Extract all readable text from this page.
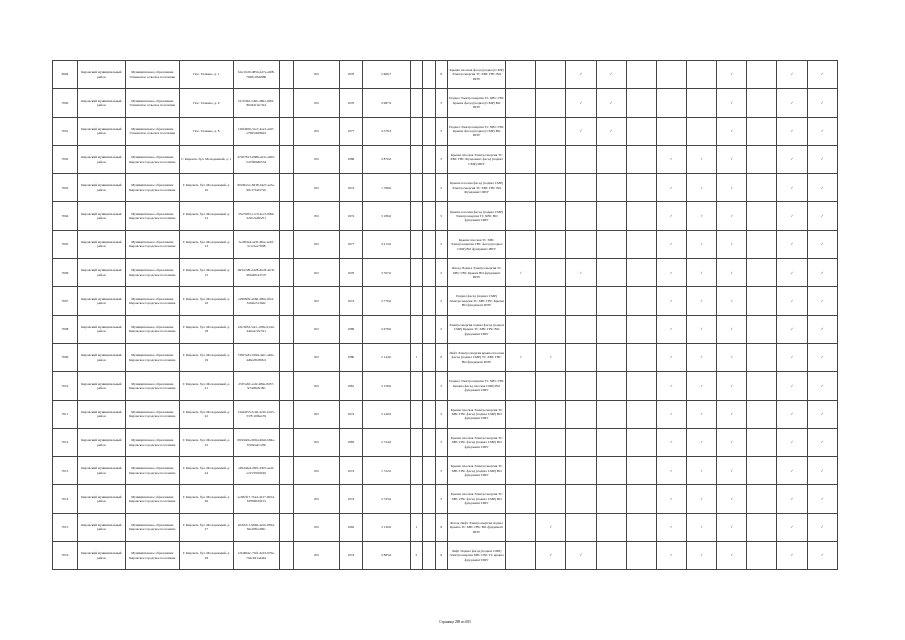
6994	Кировский муниципальный район	Муниципальное образование Глажевское сельское поселение	Пос. Глажево, д. 1	f2ec1029-d85b-427e-a9f8-7928c18e0980		РО	1976	2 666,7			6	Крыша плоская фасад (подвал) СМР) Электроэнергия ТС ХВС ГВС ВО ИПУ			✓	✓				✓		✓	✓
7000	Кировский муниципальный район	Муниципальное образование Глажевское сельское поселение	Пос. Глажево, д. 9	fd1f3f42-5d2b-460a-9f63-8043d1f2c324		РО	1976	2 987,9			5	Подвал Электроэнергия ТС ХВС ГВС Крыша фасад (подвал) СМР) ВО ИПУ			✓	✓				✓		✓	✓
7001	Кировский муниципальный район	Муниципальное образование Глажевское сельское поселение	Пос. Глажево, д. 8	1d0fd650-3ce7-4ee3-ae97-e7665d2f86d3		РО	1977	4 578,3			5	Подвал Электроэнергия ТС ХВС ГВС Крыша фасад (подвал) СМР) ВО ИПУ			✓	✓				✓		✓	✓
7002	Кировский муниципальный район	Муниципальное образование Кировское городское поселение	Г. Кировск, бул. Молодежный, д. 1	d7207813-0b86-4e3c-a9b5-bd7f60940534		РО	1986	2 870,0			5	Крыша плоская Электроэнергия ТС ХВС ГВС Фундамент фасад (подвал СМР) ИПУ						✓	✓	✓		✓	✓
7003	Кировский муниципальный район	Муниципальное образование Кировское городское поселение	Г. Кировск, бул. Молодежный, д. 10	9026b2ce-8238-4427-ae5e-96c17f4d17eb		РО	1974	1 768,0			5	Крыша плоская фасад (подвал СМР) Электроэнергия ТС ХВС ГВС ВО Фундамент ИПУ						✓	✓	✓		✓	✓
7004	Кировский муниципальный район	Муниципальное образование Кировское городское поселение	Г. Кировск, бул. Молодежный, д. 12	53e7b0f3-1cc0-4ec3-9f66-220c2e4f0251		РО	1974	3 186,0			5	Крыша плоская фасад (подвал СМР) Электроэнергия ТС ХВС ВО фундамент ИПУ						✓	✓	✓		✓	✓
7005	Кировский муниципальный район	Муниципальное образование Кировское городское поселение	Г. Кировск, бул. Молодежный, д. 13	5ec8f4e4-a23f-48ce-ae9f-3c1c2ea7f0f8		РО	1977	4 213,0			5	Крыша плоская ТС ХВС Электроэнергия ГВС фасад (подвал СМР) ВО фундамент ИПУ						✓	✓	✓		✓	✓
7006	Кировский муниципальный район	Муниципальное образование Кировское городское поселение	Г. Кировск, бул. Молодежный, д. 15	993ce58f-dd28-4bc8-a0c8-d6f4491437d7		РО	1976	3 707,0			5	Фасад Подвал Электроэнергия ТС ХВС ГВС Крыша ВО фундамент ИПУ	✓		✓			✓	✓	✓		✓	✓
7007	Кировский муниципальный район	Муниципальное образование Кировское городское поселение	Г. Кировск, бул. Молодежный, д. 16	e2906f3f-e060-480a-9fcd-329afe5139dc		РО	1974	3 770,0			5	Подвал фасад (подвал СМР) Электроэнергия ТС ХВС ГВС Крыша ВО фундамент ИПУ						✓	✓	✓		✓	✓
7008	Кировский муниципальный район	Муниципальное образование Кировское городское поселение	Г. Кировск, бул. Молодежный, д. 18	e5fc6f3d-54c1-458e-91dd-4a0e4c33c521		РО	1989	2 678,0			5	Электроэнергия подвал фасад (подвал СМР) Крыша ТС ХВС ГВС ВО фундамент ИПУ						✓	✓	✓		✓	✓
7009	Кировский муниципальный район	Муниципальное образование Кировское городское поселение	Г. Кировск, бул. Молодежный, д. 19	73827e81-0b9d-4efc-a491-4d0e23b958c2		РО	1980	2 144,0	1		9	Лифт Электроэнергия крыша плоская фасад (подвал СМР) ТС ХВС ГВС ВО фундамент ИПУ	✓	✓				✓	✓	✓		✓	✓
7010	Кировский муниципальный район	Муниципальное образование Кировское городское поселение	Г. Кировск, бул. Молодежный, д. 21	23f7a2bf-aaf2-486e-8d57-3c5a8fe6cd9c		РО	1981	3 158,0			5	Подвал Электроэнергия ТС ХВС ГВС Крыша фасад плоская СМР) ВО фундамент ИПУ						✓	✓	✓		✓	✓
7011	Кировский муниципальный район	Муниципальное образование Кировское городское поселение	Г. Кировск, бул. Молодежный, д. 22	1d424f53-5c0d-4c2b-bd15-537b19f6a159		РО	1974	3 140,0			5	Крыша плоская Электроэнергия ТС ХВС ГВС фасад (подвал СМР) ВО фундамент ИПУ						✓	✓	✓		✓	✓
7012	Кировский муниципальный район	Муниципальное образование Кировское городское поселение	Г. Кировск, бул. Молодежный, д. 23	693c6e9a-0b6d-46a0-b84a-f7e82aeb1c06		РО	1983	2 724,0			5	Крыша плоская Электроэнергия ТС ХВС ГВС фасад (подвал СМР) ВО фундамент ИПУ						✓	✓	✓		✓	✓
7013	Кировский муниципальный район	Муниципальное образование Кировское городское поселение	Г. Кировск, бул. Молодежный, д. 24	a95da6e4-f60f-43b5-ae4f-ec553709f160		РО	1974	1 722,0			5	Крыша плоская Электроэнергия ТС ХВС ГВС фасад (подвал СМР) ВО фундамент ИПУ						✓	✓	✓		✓	✓
7014	Кировский муниципальный район	Муниципальное образование Кировское городское поселение	Г. Кировск, бул. Молодежный, д. 26	ecd82f17-7ba4-4217-9b54-fd78b6b9f153		РО	1974	2 743,0			5	Крыша плоская Электроэнергия ТС ХВС ГВС фасад (подвал СМР) ВО фундамент ИПУ						✓	✓	✓		✓	✓
7015	Кировский муниципальный район	Муниципальное образование Кировское городское поселение	Г. Кировск, бул. Молодежный, д. 27	a0c0f2c1-9b66-4e5b-9584-36e1f8bcd82c		РО	1992	3 130,0	1		9	Фасад Лифт Электроэнергия подвал Крыша ТС ХВС ГВС ВО фундамент ИПУ		✓				✓	✓	✓		✓	✓
7016	Кировский муниципальный район	Муниципальное образование Кировское городское поселение	Г. Кировск, бул. Молодежный, д. 28	12bd6b4c-7bf2-4c03-970e-7b4c631a4461		РО	1974	2 883,0	2		9	Лифт Подвал фасад (подвал СМР) Электроэнергия ХВС ГВС ТС крыша фундамент ИПУ		✓	✓			✓	✓	✓		✓	✓
Страница 288 из 683
